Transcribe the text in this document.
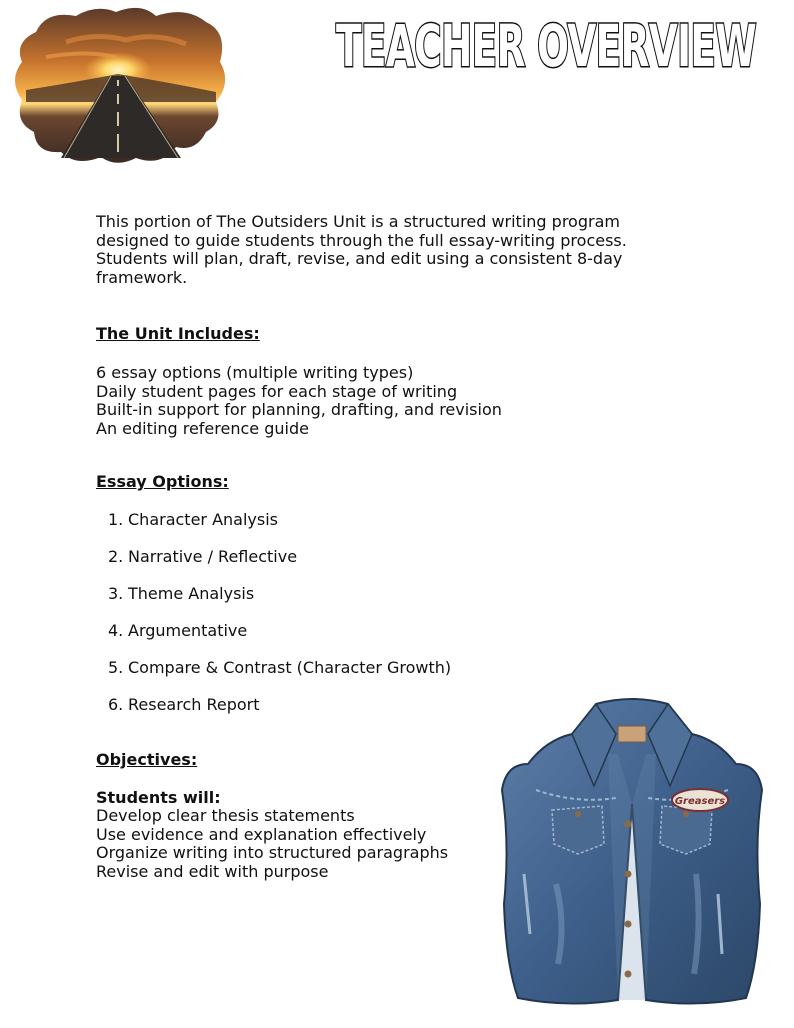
TEACHER OVERVIEW

This portion of The Outsiders Unit is a structured writing program designed to guide students through the full essay-writing process. Students will plan, draft, revise, and edit using a consistent 8-day framework.

The Unit Includes:

6 essay options (multiple writing types)
Daily student pages for each stage of writing
Built-in support for planning, drafting, and revision
An editing reference guide

Essay Options:

1. Character Analysis
2. Narrative / Reflective
3. Theme Analysis
4. Argumentative
5. Compare & Contrast (Character Growth)
6. Research Report

Objectives:

Students will:

Develop clear thesis statements
Use evidence and explanation effectively
Organize writing into structured paragraphs
Revise and edit with purpose
Greasers
